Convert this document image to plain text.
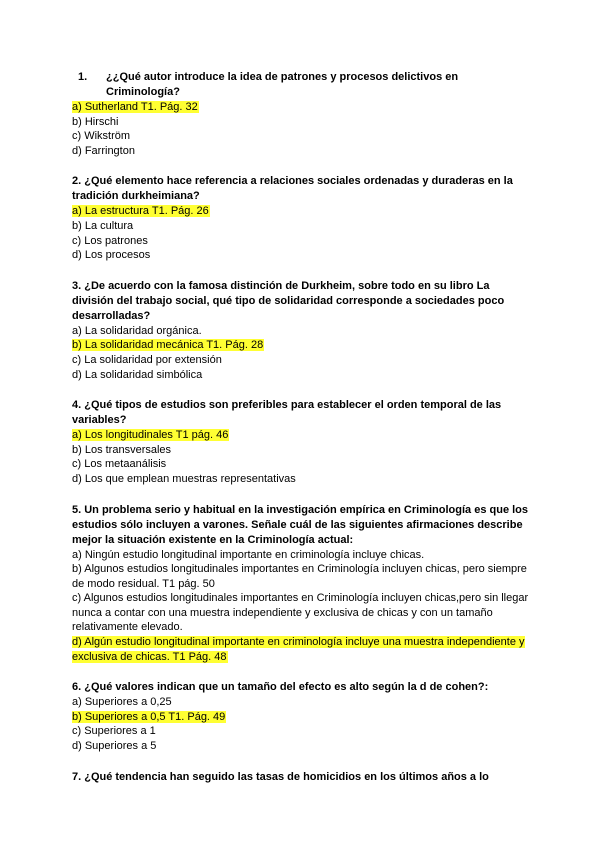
1. ¿¿Qué autor introduce la idea de patrones y procesos delictivos en Criminología?

a) Sutherland T1. Pág. 32

b) Hirschi

c) Wikström

d) Farrington

2. ¿Qué elemento hace referencia a relaciones sociales ordenadas y duraderas en la tradición durkheimiana?

a) La estructura T1. Pág. 26

b) La cultura

c) Los patrones

d) Los procesos

3. ¿De acuerdo con la famosa distinción de Durkheim, sobre todo en su libro La división del trabajo social, qué tipo de solidaridad corresponde a sociedades poco desarrolladas?

a) La solidaridad orgánica.

b) La solidaridad mecánica T1. Pág. 28

c) La solidaridad por extensión

d) La solidaridad simbólica

4. ¿Qué tipos de estudios son preferibles para establecer el orden temporal de las variables?

a) Los longitudinales T1 pág. 46

b) Los transversales

c) Los metaanálisis

d) Los que emplean muestras representativas

5. Un problema serio y habitual en la investigación empírica en Criminología es que los estudios sólo incluyen a varones. Señale cuál de las siguientes afirmaciones describe mejor la situación existente en la Criminología actual:

a) Ningún estudio longitudinal importante en criminología incluye chicas.

b) Algunos estudios longitudinales importantes en Criminología incluyen chicas, pero siempre de modo residual. T1 pág. 50

c) Algunos estudios longitudinales importantes en Criminología incluyen chicas,pero sin llegar nunca a contar con una muestra independiente y exclusiva de chicas y con un tamaño relativamente elevado.

d) Algún estudio longitudinal importante en criminología incluye una muestra independiente y exclusiva de chicas. T1 Pág. 48

6. ¿Qué valores indican que un tamaño del efecto es alto según la d de cohen?:

a) Superiores a 0,25

b) Superiores a 0,5 T1. Pág. 49

c) Superiores a 1

d) Superiores a 5

7. ¿Qué tendencia han seguido las tasas de homicidios en los últimos años a lo
